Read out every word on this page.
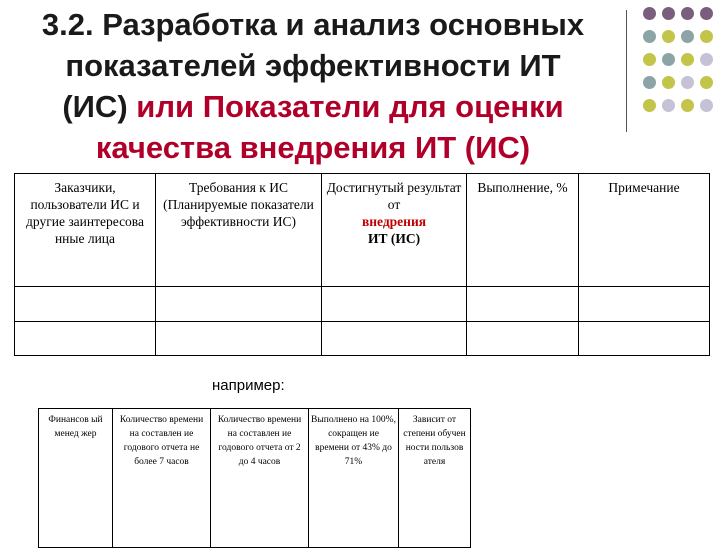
3.2. Разработка и анализ основных
показателей эффективности ИТ
(ИС) или Показатели для оценки
качества внедрения ИТ (ИС)
Заказчики, пользователи ИС и другие заинтересова нные лица	Требования к ИС (Планируемые показатели эффективности ИС)	Достигнутый результат от
внедрения
ИТ (ИС)	Выполнение, %	Примечание

например:
Финансов ый менед жер	Количество времени на составлен ие годового отчета не более 7 часов	Количество времени на составлен ие годового отчета от 2 до 4 часов	Выполнено на 100%, сокращен ие времени от 43% до 71%	Зависит от степени обучен ности пользов ателя
